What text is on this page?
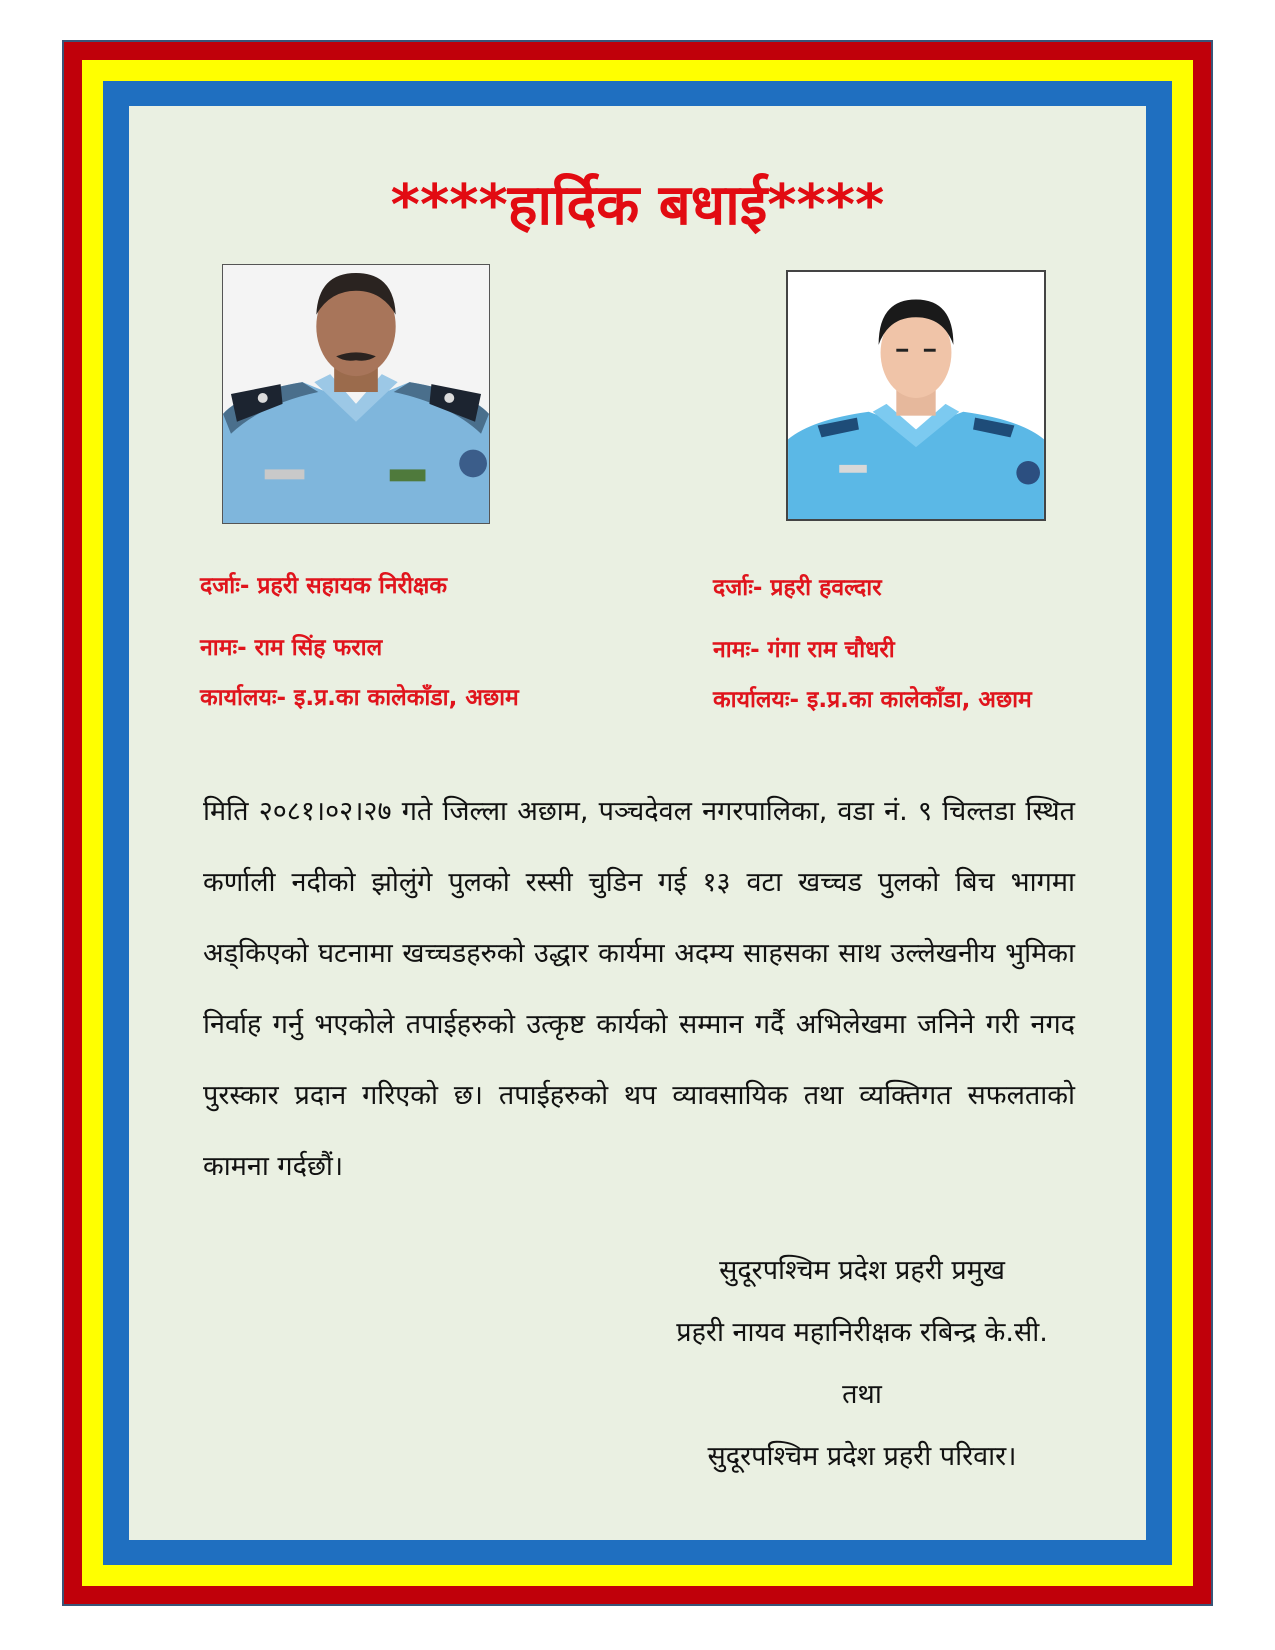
****हार्दिक बधाई****
दर्जाः- प्रहरी सहायक निरीक्षक
नामः- राम सिंह फराल
कार्यालयः- इ.प्र.का कालेकाँडा, अछाम
दर्जाः- प्रहरी हवल्दार
नामः- गंगा राम चौधरी
कार्यालयः- इ.प्र.का कालेकाँडा, अछाम

मिति २०८१।०२।२७ गते जिल्ला अछाम, पञ्चदेवल नगरपालिका, वडा नं. ९ चिल्तडा स्थित कर्णाली नदीको झोलुंगे पुलको रस्सी चुडिन गई १३ वटा खच्चड पुलको बिच भागमा अड्किएको घटनामा खच्चडहरुको उद्धार कार्यमा अदम्य साहसका साथ उल्लेखनीय भुमिका निर्वाह गर्नु भएकोले तपाईहरुको उत्कृष्ट कार्यको सम्मान गर्दै अभिलेखमा जनिने गरी नगद पुरस्कार प्रदान गरिएको छ। तपाईहरुको थप व्यावसायिक तथा व्यक्तिगत सफलताको कामना गर्दछौं।

सुदूरपश्चिम प्रदेश प्रहरी प्रमुख
प्रहरी नायव महानिरीक्षक रबिन्द्र के.सी.
तथा
सुदूरपश्चिम प्रदेश प्रहरी परिवार।
